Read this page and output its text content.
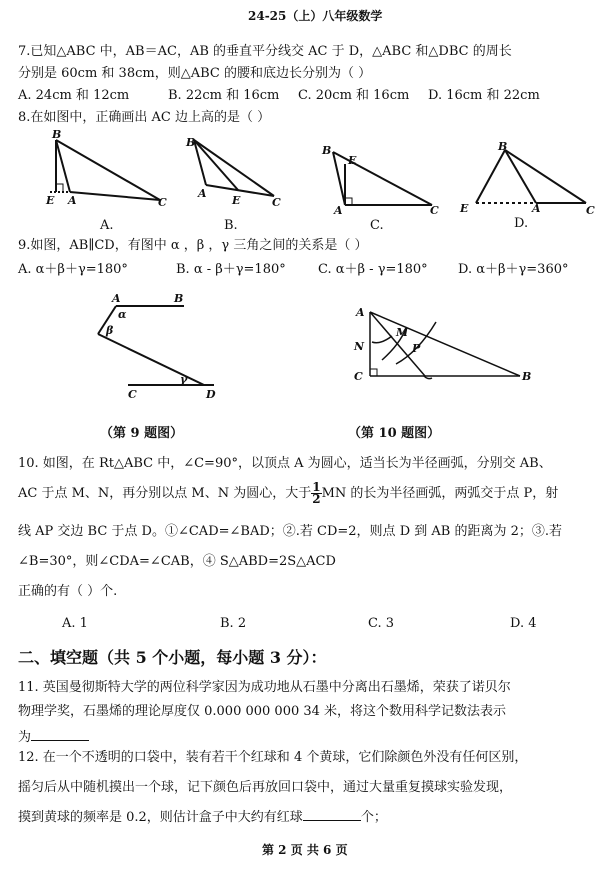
24-25（上）八年级数学
7.已知△ABC 中，AB＝AC，AB 的垂直平分线交 AC 于 D，△ABC 和△DBC 的周长
分别是 60cm 和 38cm，则△ABC 的腰和底边长分别为（ ）
A. 24cm 和 12cm	B. 22cm 和 16cm C. 20cm 和 16cm D. 16cm 和 22cm
8.在如图中，正确画出 AC 边上高的是（ ）
B
E A	C
B
A
E	C
B
E
A	C
B
E	A	C
A	B
α
β
γ
C	D
A
N
M
P
C	B
A.	B.	C.	D.
9.如图，AB∥CD，有图中 α ，β ，γ 三角之间的关系是（ ）
A. α＋β＋γ=180°	B. α - β＋γ=180° C. α＋β - γ=180° D. α＋β＋γ=360°
（第 9 题图）	（第 10 题图）
10. 如图，在 Rt△ABC 中，∠C=90°，以顶点 A 为圆心，适当长为半径画弧，分别交 AB、
AC 于点 M、N，再分别以点 M、N 为圆心，大于 $\frac{1}{2}$ MN 的长为半径画弧，两弧交于点 P，射
线 AP 交边 BC 于点 D。①∠CAD=∠BAD；②.若 CD=2，则点 D 到 AB 的距离为 2；③.若
∠B=30°，则∠CDA=∠CAB，④ S△ABD=2S△ACD
正确的有（ ）个.
A. 1	B. 2	C. 3	D. 4
二、填空题（共 5 个小题，每小题 3 分）：
11. 英国曼彻斯特大学的两位科学家因为成功地从石墨中分离出石墨烯，荣获了诺贝尔
物理学奖，石墨烯的理论厚度仅 0.000 000 000 34 米，将这个数用科学记数法表示
为
12. 在一个不透明的口袋中，装有若干个红球和 4 个黄球，它们除颜色外没有任何区别，
摇匀后从中随机摸出一个球，记下颜色后再放回口袋中，通过大量重复摸球实验发现，
摸到黄球的频率是 0.2，则估计盒子中大约有红球	个；
第 2 页 共 6 页
